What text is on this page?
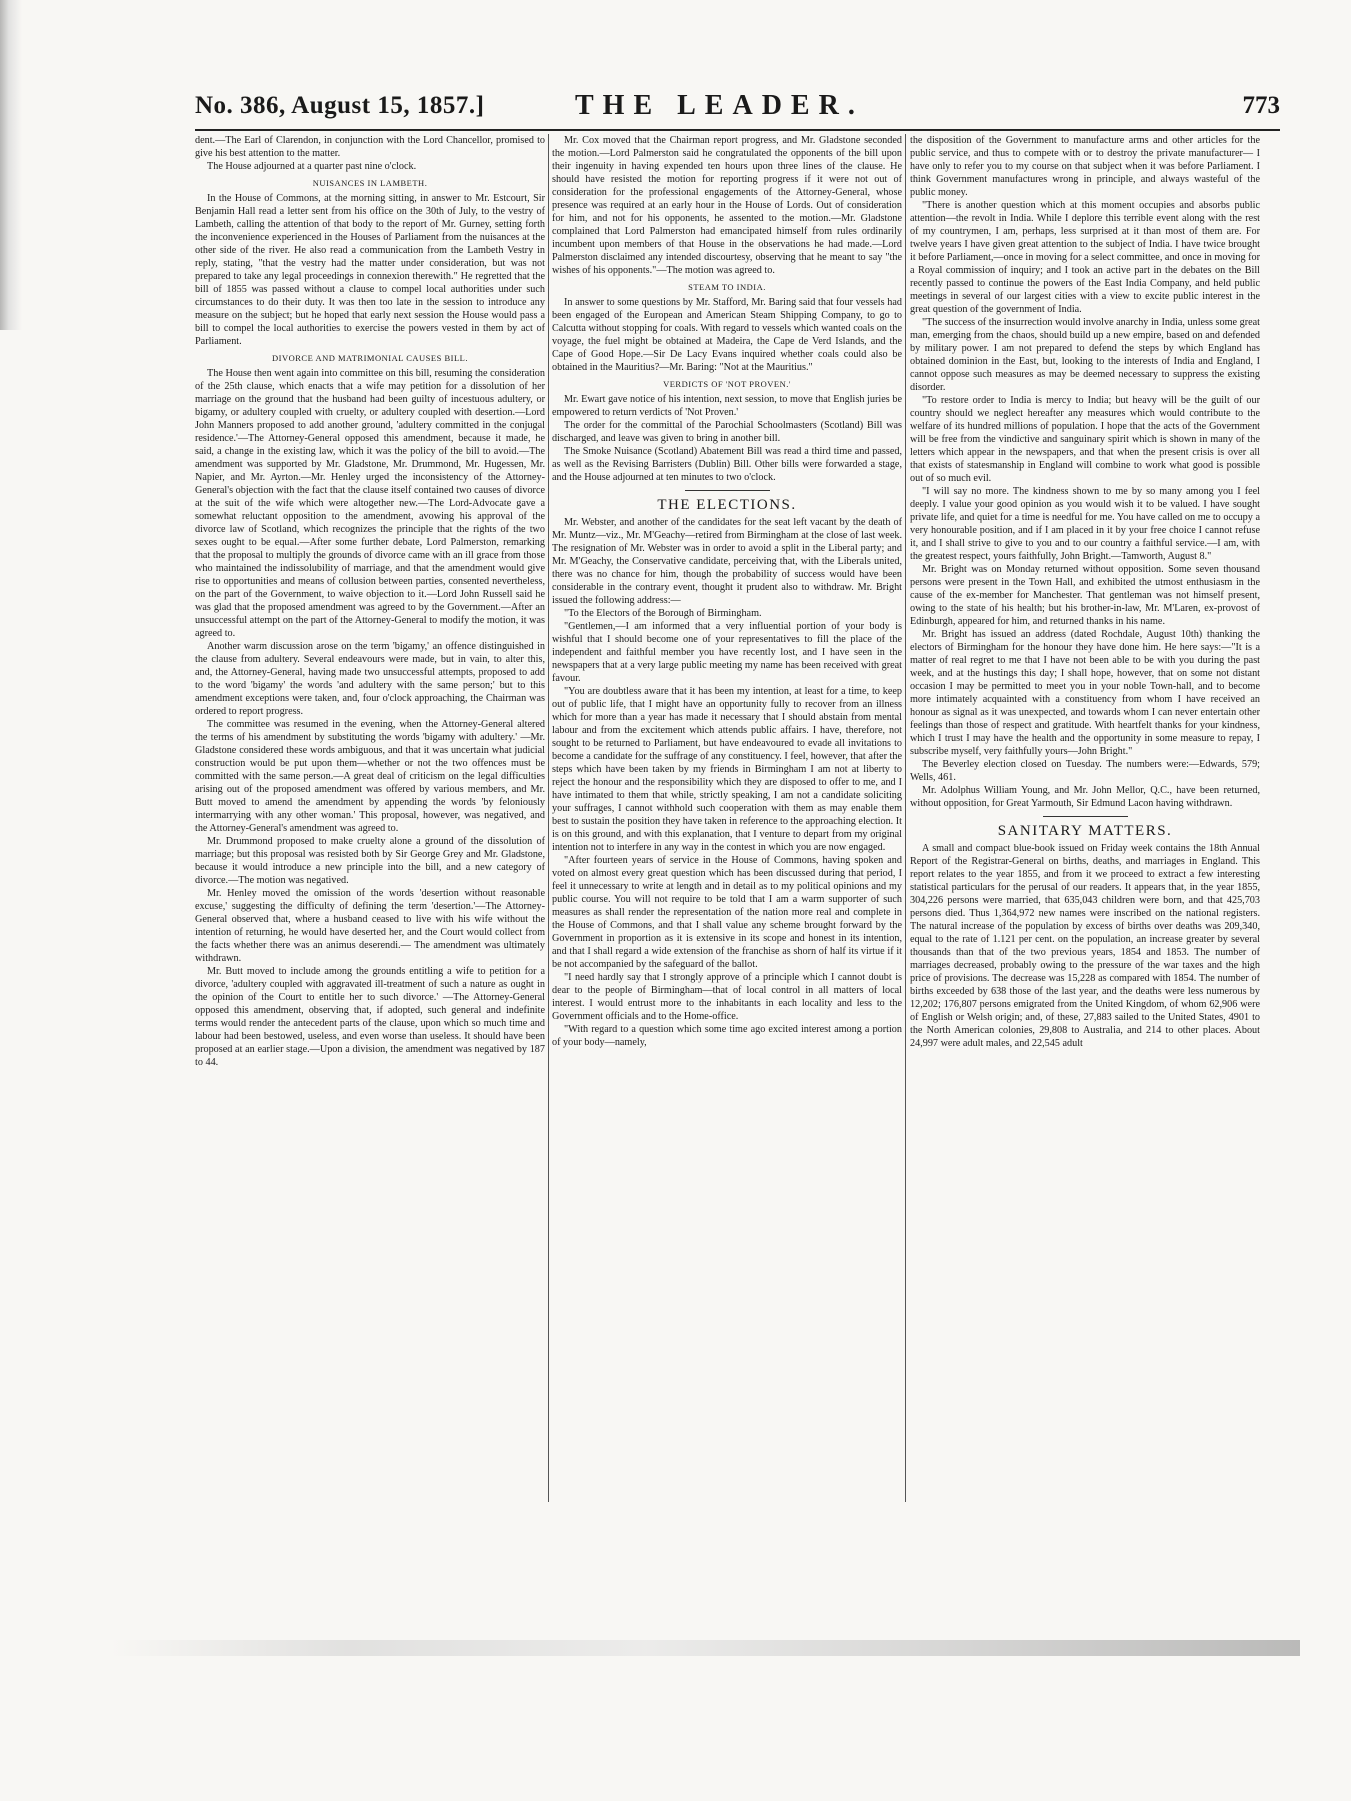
No. 386, August 15, 1857.]	THE LEADER.	773

dent.—The Earl of Clarendon, in conjunction with the Lord Chancellor, promised to give his best attention to the matter.

The House adjourned at a quarter past nine o'clock.

NUISANCES IN LAMBETH.

In the House of Commons, at the morning sitting, in answer to Mr. Estcourt, Sir Benjamin Hall read a letter sent from his office on the 30th of July, to the vestry of Lambeth, calling the attention of that body to the report of Mr. Gurney, setting forth the inconvenience experienced in the Houses of Parliament from the nuisances at the other side of the river. He also read a communication from the Lambeth Vestry in reply, stating, "that the vestry had the matter under consideration, but was not prepared to take any legal proceedings in connexion therewith." He regretted that the bill of 1855 was passed without a clause to compel local authorities under such circumstances to do their duty. It was then too late in the session to introduce any measure on the subject; but he hoped that early next session the House would pass a bill to compel the local authorities to exercise the powers vested in them by act of Parliament.

DIVORCE AND MATRIMONIAL CAUSES BILL.

The House then went again into committee on this bill, resuming the consideration of the 25th clause, which enacts that a wife may petition for a dissolution of her marriage on the ground that the husband had been guilty of incestuous adultery, or bigamy, or adultery coupled with cruelty, or adultery coupled with desertion.—Lord John Manners proposed to add another ground, 'adultery committed in the conjugal residence.'—The Attorney-General opposed this amendment, because it made, he said, a change in the existing law, which it was the policy of the bill to avoid.—The amendment was supported by Mr. Gladstone, Mr. Drummond, Mr. Hugessen, Mr. Napier, and Mr. Ayrton.—Mr. Henley urged the inconsistency of the Attorney-General's objection with the fact that the clause itself contained two causes of divorce at the suit of the wife which were altogether new.—The Lord-Advocate gave a somewhat reluctant opposition to the amendment, avowing his approval of the divorce law of Scotland, which recognizes the principle that the rights of the two sexes ought to be equal.—After some further debate, Lord Palmerston, remarking that the proposal to multiply the grounds of divorce came with an ill grace from those who maintained the indissolubility of marriage, and that the amendment would give rise to opportunities and means of collusion between parties, consented nevertheless, on the part of the Government, to waive objection to it.—Lord John Russell said he was glad that the proposed amendment was agreed to by the Government.—After an unsuccessful attempt on the part of the Attorney-General to modify the motion, it was agreed to.

Another warm discussion arose on the term 'bigamy,' an offence distinguished in the clause from adultery. Several endeavours were made, but in vain, to alter this, and, the Attorney-General, having made two unsuccessful attempts, proposed to add to the word 'bigamy' the words 'and adultery with the same person;' but to this amendment exceptions were taken, and, four o'clock approaching, the Chairman was ordered to report progress.

The committee was resumed in the evening, when the Attorney-General altered the terms of his amendment by substituting the words 'bigamy with adultery.' —Mr. Gladstone considered these words ambiguous, and that it was uncertain what judicial construction would be put upon them—whether or not the two offences must be committed with the same person.—A great deal of criticism on the legal difficulties arising out of the proposed amendment was offered by various members, and Mr. Butt moved to amend the amendment by appending the words 'by feloniously intermarrying with any other woman.' This proposal, however, was negatived, and the Attorney-General's amendment was agreed to.

Mr. Drummond proposed to make cruelty alone a ground of the dissolution of marriage; but this proposal was resisted both by Sir George Grey and Mr. Gladstone, because it would introduce a new principle into the bill, and a new category of divorce.—The motion was negatived.

Mr. Henley moved the omission of the words 'desertion without reasonable excuse,' suggesting the difficulty of defining the term 'desertion.'—The Attorney-General observed that, where a husband ceased to live with his wife without the intention of returning, he would have deserted her, and the Court would collect from the facts whether there was an animus deserendi.— The amendment was ultimately withdrawn.

Mr. Butt moved to include among the grounds entitling a wife to petition for a divorce, 'adultery coupled with aggravated ill-treatment of such a nature as ought in the opinion of the Court to entitle her to such divorce.' —The Attorney-General opposed this amendment, observing that, if adopted, such general and indefinite terms would render the antecedent parts of the clause, upon which so much time and labour had been bestowed, useless, and even worse than useless. It should have been proposed at an earlier stage.—Upon a division, the amendment was negatived by 187 to 44.

Mr. Cox moved that the Chairman report progress, and Mr. Gladstone seconded the motion.—Lord Palmerston said he congratulated the opponents of the bill upon their ingenuity in having expended ten hours upon three lines of the clause. He should have resisted the motion for reporting progress if it were not out of consideration for the professional engagements of the Attorney-General, whose presence was required at an early hour in the House of Lords. Out of consideration for him, and not for his opponents, he assented to the motion.—Mr. Gladstone complained that Lord Palmerston had emancipated himself from rules ordinarily incumbent upon members of that House in the observations he had made.—Lord Palmerston disclaimed any intended discourtesy, observing that he meant to say "the wishes of his opponents."—The motion was agreed to.

STEAM TO INDIA.

In answer to some questions by Mr. Stafford, Mr. Baring said that four vessels had been engaged of the European and American Steam Shipping Company, to go to Calcutta without stopping for coals. With regard to vessels which wanted coals on the voyage, the fuel might be obtained at Madeira, the Cape de Verd Islands, and the Cape of Good Hope.—Sir De Lacy Evans inquired whether coals could also be obtained in the Mauritius?—Mr. Baring: "Not at the Mauritius."

VERDICTS OF 'NOT PROVEN.'

Mr. Ewart gave notice of his intention, next session, to move that English juries be empowered to return verdicts of 'Not Proven.'

The order for the committal of the Parochial Schoolmasters (Scotland) Bill was discharged, and leave was given to bring in another bill.

The Smoke Nuisance (Scotland) Abatement Bill was read a third time and passed, as well as the Revising Barristers (Dublin) Bill. Other bills were forwarded a stage, and the House adjourned at ten minutes to two o'clock.

THE ELECTIONS.

Mr. Webster, and another of the candidates for the seat left vacant by the death of Mr. Muntz—viz., Mr. M'Geachy—retired from Birmingham at the close of last week. The resignation of Mr. Webster was in order to avoid a split in the Liberal party; and Mr. M'Geachy, the Conservative candidate, perceiving that, with the Liberals united, there was no chance for him, though the probability of success would have been considerable in the contrary event, thought it prudent also to withdraw. Mr. Bright issued the following address:—

"To the Electors of the Borough of Birmingham.

"Gentlemen,—I am informed that a very influential portion of your body is wishful that I should become one of your representatives to fill the place of the independent and faithful member you have recently lost, and I have seen in the newspapers that at a very large public meeting my name has been received with great favour.

"You are doubtless aware that it has been my intention, at least for a time, to keep out of public life, that I might have an opportunity fully to recover from an illness which for more than a year has made it necessary that I should abstain from mental labour and from the excitement which attends public affairs. I have, therefore, not sought to be returned to Parliament, but have endeavoured to evade all invitations to become a candidate for the suffrage of any constituency. I feel, however, that after the steps which have been taken by my friends in Birmingham I am not at liberty to reject the honour and the responsibility which they are disposed to offer to me, and I have intimated to them that while, strictly speaking, I am not a candidate soliciting your suffrages, I cannot withhold such cooperation with them as may enable them best to sustain the position they have taken in reference to the approaching election. It is on this ground, and with this explanation, that I venture to depart from my original intention not to interfere in any way in the contest in which you are now engaged.

"After fourteen years of service in the House of Commons, having spoken and voted on almost every great question which has been discussed during that period, I feel it unnecessary to write at length and in detail as to my political opinions and my public course. You will not require to be told that I am a warm supporter of such measures as shall render the representation of the nation more real and complete in the House of Commons, and that I shall value any scheme brought forward by the Government in proportion as it is extensive in its scope and honest in its intention, and that I shall regard a wide extension of the franchise as shorn of half its virtue if it be not accompanied by the safeguard of the ballot.

"I need hardly say that I strongly approve of a principle which I cannot doubt is dear to the people of Birmingham—that of local control in all matters of local interest. I would entrust more to the inhabitants in each locality and less to the Government officials and to the Home-office.

"With regard to a question which some time ago excited interest among a portion of your body—namely,

the disposition of the Government to manufacture arms and other articles for the public service, and thus to compete with or to destroy the private manufacturer— I have only to refer you to my course on that subject when it was before Parliament. I think Government manufactures wrong in principle, and always wasteful of the public money.

"There is another question which at this moment occupies and absorbs public attention—the revolt in India. While I deplore this terrible event along with the rest of my countrymen, I am, perhaps, less surprised at it than most of them are. For twelve years I have given great attention to the subject of India. I have twice brought it before Parliament,—once in moving for a select committee, and once in moving for a Royal commission of inquiry; and I took an active part in the debates on the Bill recently passed to continue the powers of the East India Company, and held public meetings in several of our largest cities with a view to excite public interest in the great question of the government of India.

"The success of the insurrection would involve anarchy in India, unless some great man, emerging from the chaos, should build up a new empire, based on and defended by military power. I am not prepared to defend the steps by which England has obtained dominion in the East, but, looking to the interests of India and England, I cannot oppose such measures as may be deemed necessary to suppress the existing disorder.

"To restore order to India is mercy to India; but heavy will be the guilt of our country should we neglect hereafter any measures which would contribute to the welfare of its hundred millions of population. I hope that the acts of the Government will be free from the vindictive and sanguinary spirit which is shown in many of the letters which appear in the newspapers, and that when the present crisis is over all that exists of statesmanship in England will combine to work what good is possible out of so much evil.

"I will say no more. The kindness shown to me by so many among you I feel deeply. I value your good opinion as you would wish it to be valued. I have sought private life, and quiet for a time is needful for me. You have called on me to occupy a very honourable position, and if I am placed in it by your free choice I cannot refuse it, and I shall strive to give to you and to our country a faithful service.—I am, with the greatest respect, yours faithfully, John Bright.—Tamworth, August 8."

Mr. Bright was on Monday returned without opposition. Some seven thousand persons were present in the Town Hall, and exhibited the utmost enthusiasm in the cause of the ex-member for Manchester. That gentleman was not himself present, owing to the state of his health; but his brother-in-law, Mr. M'Laren, ex-provost of Edinburgh, appeared for him, and returned thanks in his name.

Mr. Bright has issued an address (dated Rochdale, August 10th) thanking the electors of Birmingham for the honour they have done him. He here says:—"It is a matter of real regret to me that I have not been able to be with you during the past week, and at the hustings this day; I shall hope, however, that on some not distant occasion I may be permitted to meet you in your noble Town-hall, and to become more intimately acquainted with a constituency from whom I have received an honour as signal as it was unexpected, and towards whom I can never entertain other feelings than those of respect and gratitude. With heartfelt thanks for your kindness, which I trust I may have the health and the opportunity in some measure to repay, I subscribe myself, very faithfully yours—John Bright."

The Beverley election closed on Tuesday. The numbers were:—Edwards, 579; Wells, 461.

Mr. Adolphus William Young, and Mr. John Mellor, Q.C., have been returned, without opposition, for Great Yarmouth, Sir Edmund Lacon having withdrawn.

SANITARY MATTERS.

A small and compact blue-book issued on Friday week contains the 18th Annual Report of the Registrar-General on births, deaths, and marriages in England. This report relates to the year 1855, and from it we proceed to extract a few interesting statistical particulars for the perusal of our readers. It appears that, in the year 1855, 304,226 persons were married, that 635,043 children were born, and that 425,703 persons died. Thus 1,364,972 new names were inscribed on the national registers. The natural increase of the population by excess of births over deaths was 209,340, equal to the rate of 1.121 per cent. on the population, an increase greater by several thousands than that of the two previous years, 1854 and 1853. The number of marriages decreased, probably owing to the pressure of the war taxes and the high price of provisions. The decrease was 15,228 as compared with 1854. The number of births exceeded by 638 those of the last year, and the deaths were less numerous by 12,202; 176,807 persons emigrated from the United Kingdom, of whom 62,906 were of English or Welsh origin; and, of these, 27,883 sailed to the United States, 4901 to the North American colonies, 29,808 to Australia, and 214 to other places. About 24,997 were adult males, and 22,545 adult
